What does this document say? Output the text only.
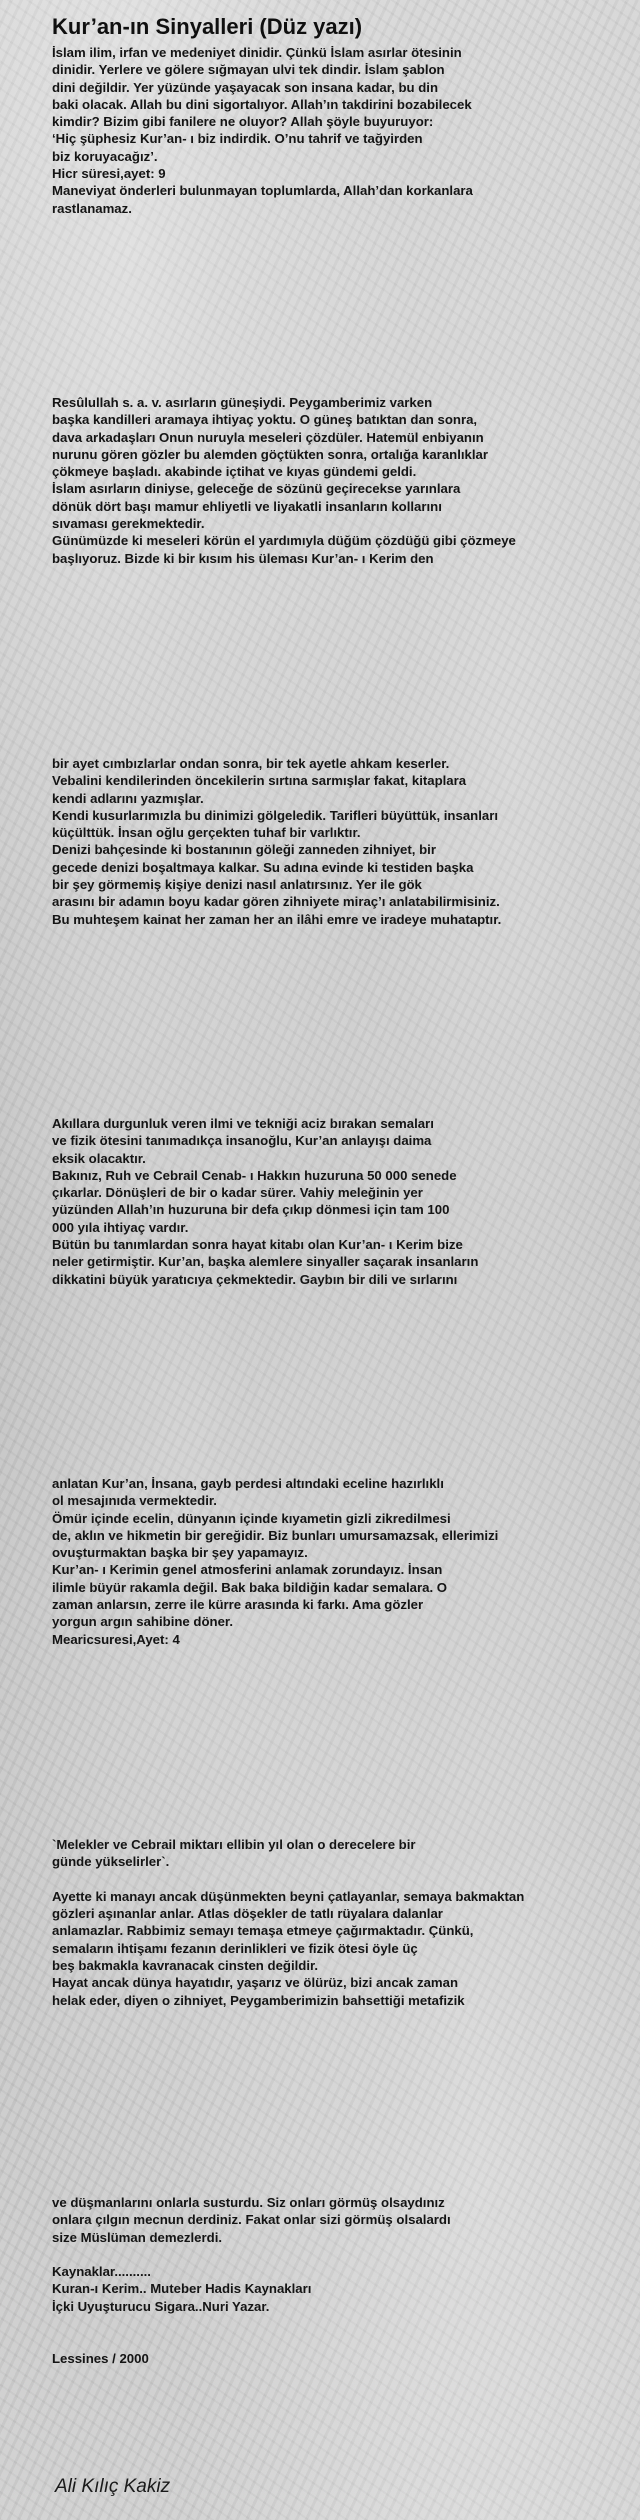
Kur’an-ın Sinyalleri (Düz yazı)
İslam ilim, irfan ve medeniyet dinidir. Çünkü İslam asırlar ötesinin
dinidir. Yerlere ve gölere sığmayan ulvi tek dindir. İslam şablon
dini değildir. Yer yüzünde yaşayacak son insana kadar, bu din
baki olacak. Allah bu dini sigortalıyor. Allah’ın takdirini bozabilecek
kimdir? Bizim gibi fanilere ne oluyor? Allah şöyle buyuruyor:
‘Hiç şüphesiz Kur’an- ı biz indirdik. O’nu tahrif ve tağyirden
biz koruyacağız’.
Hicr süresi,ayet: 9
Maneviyat önderleri bulunmayan toplumlarda, Allah’dan korkanlara
rastlanamaz.
Resûlullah s. a. v. asırların güneşiydi. Peygamberimiz varken
başka kandilleri aramaya ihtiyaç yoktu. O güneş batıktan dan sonra,
dava arkadaşları Onun nuruyla meseleri çözdüler. Hatemül enbiyanın
nurunu gören gözler bu alemden göçtükten sonra, ortalığa karanlıklar
çökmeye başladı. akabinde içtihat ve kıyas gündemi geldi.
İslam asırların diniyse, geleceğe de sözünü geçirecekse yarınlara
dönük dört başı mamur ehliyetli ve liyakatli insanların kollarını
sıvaması gerekmektedir.
Günümüzde ki meseleri körün el yardımıyla düğüm çözdüğü gibi çözmeye
başlıyoruz. Bizde ki bir kısım his üleması Kur’an- ı Kerim den
bir ayet cımbızlarlar ondan sonra, bir tek ayetle ahkam keserler.
Vebalini kendilerinden öncekilerin sırtına sarmışlar fakat, kitaplara
kendi adlarını yazmışlar.
Kendi kusurlarımızla bu dinimizi gölgeledik. Tarifleri büyüttük, insanları
küçülttük. İnsan oğlu gerçekten tuhaf bir varlıktır.
Denizi bahçesinde ki bostanının göleği zanneden zihniyet, bir
gecede denizi boşaltmaya kalkar. Su adına evinde ki testiden başka
bir şey görmemiş kişiye denizi nasıl anlatırsınız. Yer ile gök
arasını bir adamın boyu kadar gören zihniyete miraç’ı anlatabilirmisiniz.
Bu muhteşem kainat her zaman her an ilâhi emre ve iradeye muhataptır.
Akıllara durgunluk veren ilmi ve tekniği aciz bırakan semaları
ve fizik ötesini tanımadıkça insanoğlu, Kur’an anlayışı daima
eksik olacaktır.
Bakınız, Ruh ve Cebrail Cenab- ı Hakkın huzuruna 50 000 senede
çıkarlar. Dönüşleri de bir o kadar sürer. Vahiy meleğinin yer
yüzünden Allah’ın huzuruna bir defa çıkıp dönmesi için tam 100
000 yıla ihtiyaç vardır.
Bütün bu tanımlardan sonra hayat kitabı olan Kur’an- ı Kerim bize
neler getirmiştir. Kur’an, başka alemlere sinyaller saçarak insanların
dikkatini büyük yaratıcıya çekmektedir. Gaybın bir dili ve sırlarını
anlatan Kur’an, İnsana, gayb perdesi altındaki eceline hazırlıklı
ol mesajınıda vermektedir.
Ömür içinde ecelin, dünyanın içinde kıyametin gizli zikredilmesi
de, aklın ve hikmetin bir gereğidir. Biz bunları umursamazsak, ellerimizi
ovuşturmaktan başka bir şey yapamayız.
Kur’an- ı Kerimin genel atmosferini anlamak zorundayız. İnsan
ilimle büyür rakamla değil. Bak baka bildiğin kadar semalara. O
zaman anlarsın, zerre ile kürre arasında ki farkı. Ama gözler
yorgun argın sahibine döner.
Mearicsuresi,Ayet: 4
`Melekler ve Cebrail miktarı ellibin yıl olan o derecelere bir
günde yükselirler`.
Ayette ki manayı ancak düşünmekten beyni çatlayanlar, semaya bakmaktan
gözleri aşınanlar anlar. Atlas döşekler de tatlı rüyalara dalanlar
anlamazlar. Rabbimiz semayı temaşa etmeye çağırmaktadır. Çünkü,
semaların ihtişamı fezanın derinlikleri ve fizik ötesi öyle üç
beş bakmakla kavranacak cinsten değildir.
Hayat ancak dünya hayatıdır, yaşarız ve ölürüz, bizi ancak zaman
helak eder, diyen o zihniyet, Peygamberimizin bahsettiği metafizik
ve düşmanlarını onlarla susturdu. Siz onları görmüş olsaydınız
onlara çılgın mecnun derdiniz. Fakat onlar sizi görmüş olsalardı
size Müslüman demezlerdi.
Kaynaklar..........
Kuran-ı Kerim.. Muteber Hadis Kaynakları
İçki Uyuşturucu Sigara..Nuri Yazar.
Lessines / 2000

Ali Kılıç Kakiz
